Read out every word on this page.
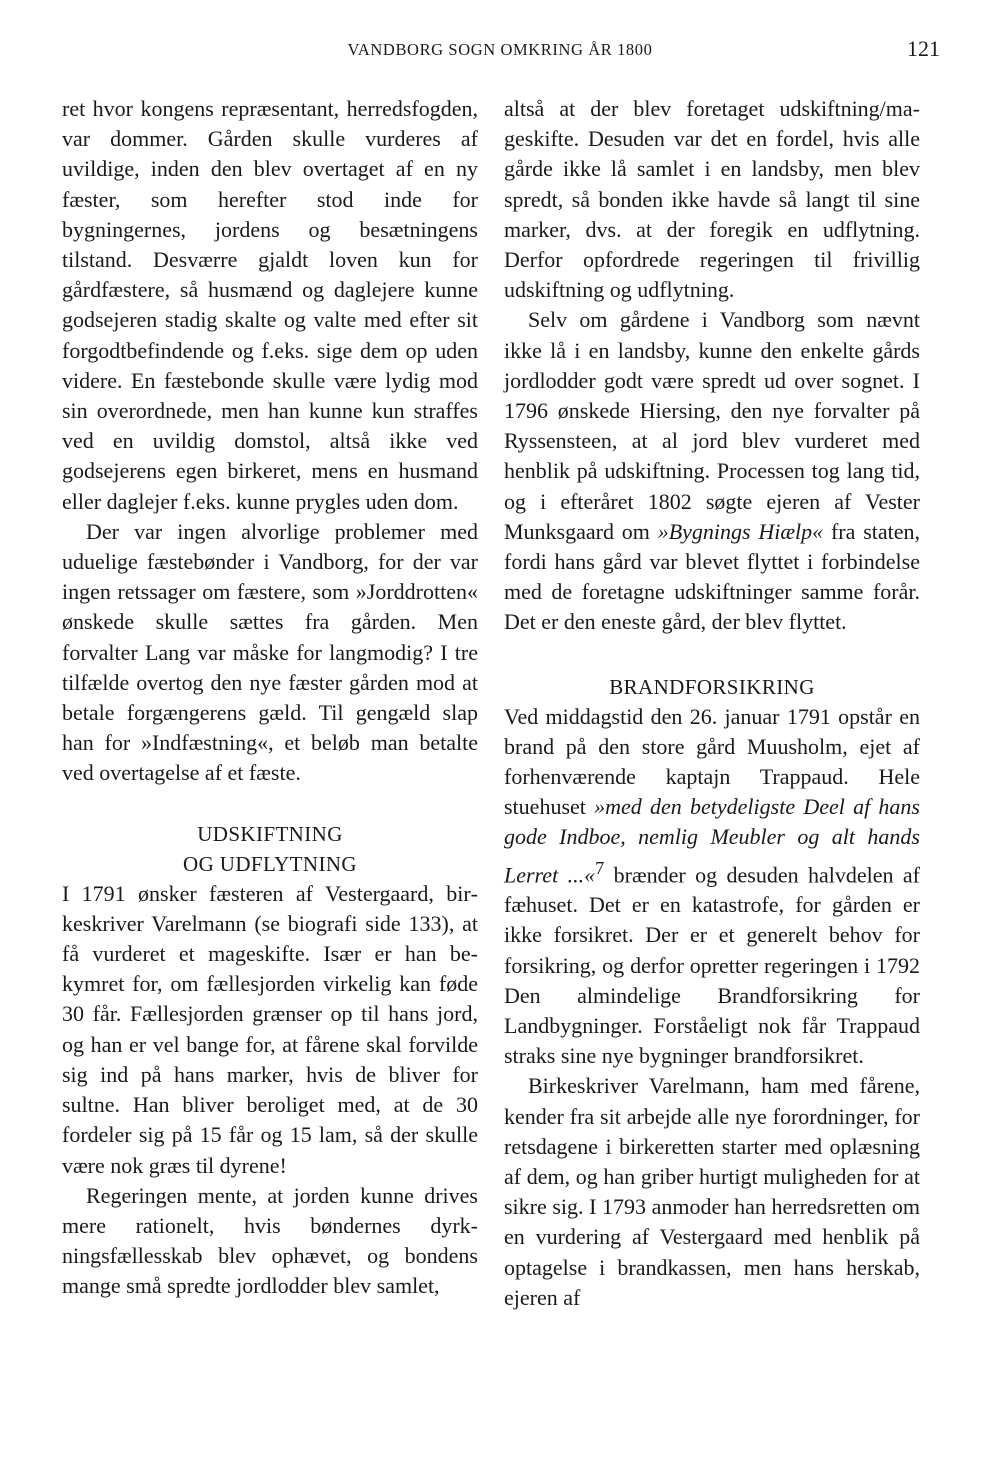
VANDBORG SOGN OMKRING ÅR 1800	121

ret hvor kongens repræsentant, herredsfogden, var dommer. Gården skulle vurderes af uvildige, inden den blev overtaget af en ny fæster, som herefter stod inde for bygningernes, jordens og besætningens tilstand. Desværre gjaldt loven kun for gårdfæstere, så husmænd og daglejere kunne godsejeren stadig skalte og valte med efter sit forgodtbefindende og f.eks. sige dem op uden videre. En fæstebonde skulle være lydig mod sin overordnede, men han kunne kun straffes ved en uvildig domstol, altså ikke ved godsejerens egen birkeret, mens en husmand eller daglejer f.eks. kunne prygles uden dom.

Der var ingen alvorlige problemer med uduelige fæstebønder i Vandborg, for der var ingen retssager om fæstere, som »Jorddrotten« ønskede skulle sættes fra gården. Men forvalter Lang var måske for langmodig? I tre tilfælde overtog den nye fæster gården mod at betale forgængerens gæld. Til gengæld slap han for »Indfæstning«, et beløb man betalte ved overtagelse af et fæste.

UDSKIFTNING
OG UDFLYTNING

I 1791 ønsker fæsteren af Vestergaard, birkeskriver Varelmann (se biografi side 133), at få vurderet et mageskifte. Især er han bekymret for, om fællesjorden virkelig kan føde 30 får. Fællesjorden grænser op til hans jord, og han er vel bange for, at fårene skal forvilde sig ind på hans marker, hvis de bliver for sultne. Han bliver beroliget med, at de 30 fordeler sig på 15 får og 15 lam, så der skulle være nok græs til dyrene!

Regeringen mente, at jorden kunne drives mere rationelt, hvis bøndernes dyrkningsfællesskab blev ophævet, og bondens mange små spredte jordlodder blev samlet,

altså at der blev foretaget udskiftning/mageskifte. Desuden var det en fordel, hvis alle gårde ikke lå samlet i en landsby, men blev spredt, så bonden ikke havde så langt til sine marker, dvs. at der foregik en udflytning. Derfor opfordrede regeringen til frivillig udskiftning og udflytning.

Selv om gårdene i Vandborg som nævnt ikke lå i en landsby, kunne den enkelte gårds jordlodder godt være spredt ud over sognet. I 1796 ønskede Hiersing, den nye forvalter på Ryssensteen, at al jord blev vurderet med henblik på udskiftning. Processen tog lang tid, og i efteråret 1802 søgte ejeren af Vester Munksgaard om »Bygnings Hiælp« fra staten, fordi hans gård var blevet flyttet i forbindelse med de foretagne udskiftninger samme forår. Det er den eneste gård, der blev flyttet.

BRANDFORSIKRING

Ved middagstid den 26. januar 1791 opstår en brand på den store gård Muusholm, ejet af forhenværende kaptajn Trappaud. Hele stuehuset »med den betydeligste Deel af hans gode Indboe, nemlig Meubler og alt hands Lerret ...«$^7$ brænder og desuden halvdelen af fæhuset. Det er en katastrofe, for gården er ikke forsikret. Der er et generelt behov for forsikring, og derfor opretter regeringen i 1792 Den almindelige Brandforsikring for Landbygninger. Forståeligt nok får Trappaud straks sine nye bygninger brandforsikret.

Birkeskriver Varelmann, ham med fårene, kender fra sit arbejde alle nye forordninger, for retsdagene i birkeretten starter med oplæsning af dem, og han griber hurtigt muligheden for at sikre sig. I 1793 anmoder han herredsretten om en vurdering af Vestergaard med henblik på optagelse i brandkassen, men hans herskab, ejeren af
